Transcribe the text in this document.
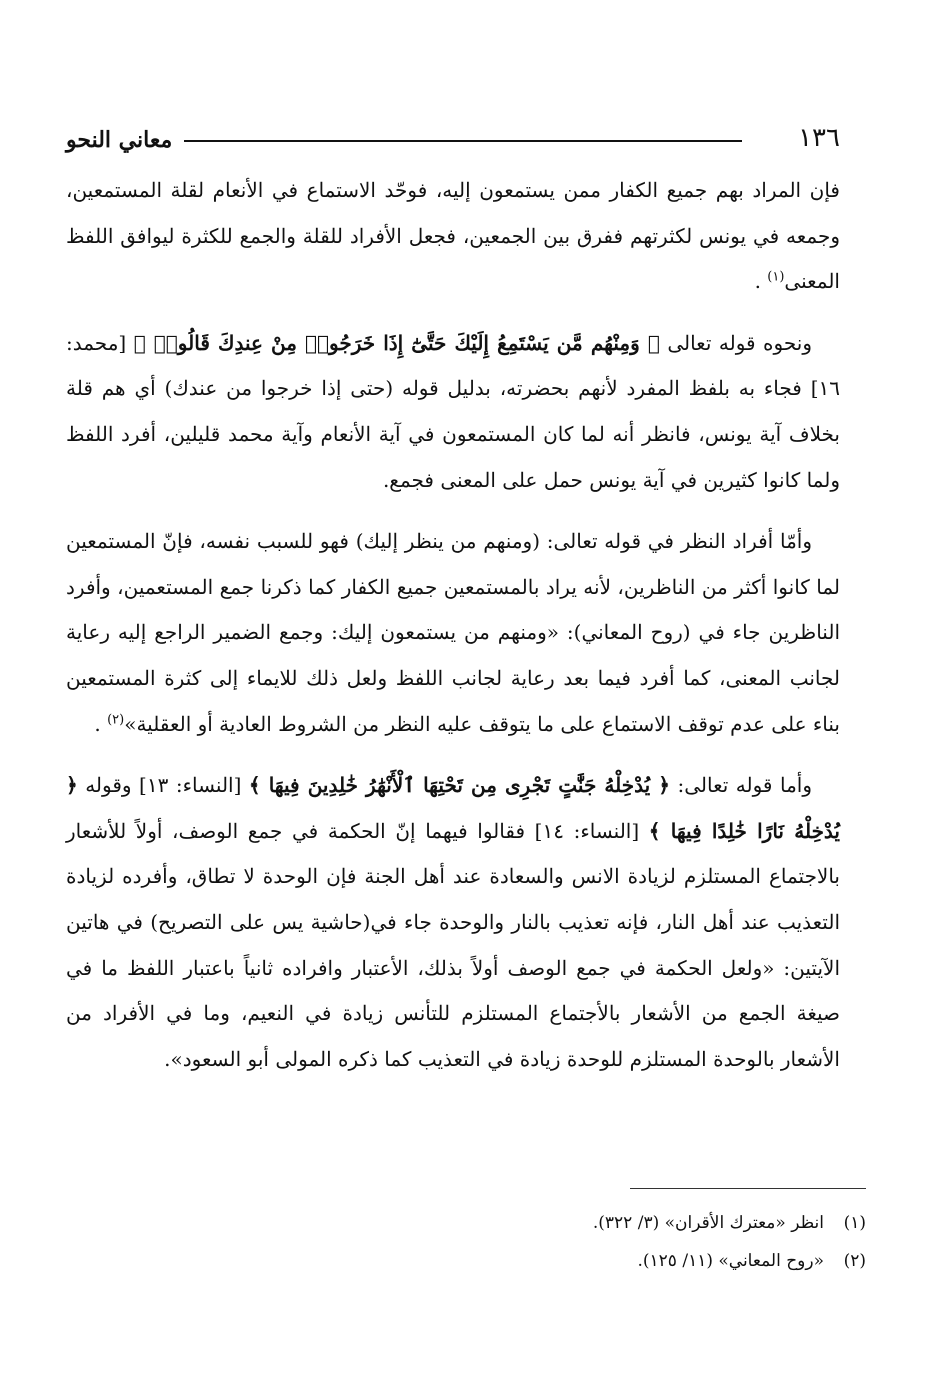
١٣٦
معاني النحو

فإن المراد بهم جميع الكفار ممن يستمعون إليه، فوحّد الاستماع في الأنعام لقلة المستمعين، وجمعه في يونس لكثرتهم ففرق بين الجمعين، فجعل الأفراد للقلة والجمع للكثرة ليوافق اللفظ المعنى$^{(١)}$ .

ونحوه قوله تعالى ﴿ وَمِنْهُم مَّن يَسْتَمِعُ إِلَيْكَ حَتَّىٰٓ إِذَا خَرَجُوا۟ مِنْ عِندِكَ قَالُوا۟ ﴾ [محمد: ١٦] فجاء به بلفظ المفرد لأنهم بحضرته، بدليل قوله (حتى إذا خرجوا من عندك) أي هم قلة بخلاف آية يونس، فانظر أنه لما كان المستمعون في آية الأنعام وآية محمد قليلين، أفرد اللفظ ولما كانوا كثيرين في آية يونس حمل على المعنى فجمع.

وأمّا أفراد النظر في قوله تعالى: (ومنهم من ينظر إليك) فهو للسبب نفسه، فإنّ المستمعين لما كانوا أكثر من الناظرين، لأنه يراد بالمستمعين جميع الكفار كما ذكرنا جمع المستعمين، وأفرد الناظرين جاء في (روح المعاني): «ومنهم من يستمعون إليك: وجمع الضمير الراجع إليه رعاية لجانب المعنى، كما أفرد فيما بعد رعاية لجانب اللفظ ولعل ذلك للايماء إلى كثرة المستمعين بناء على عدم توقف الاستماع على ما يتوقف عليه النظر من الشروط العادية أو العقلية»$^{(٢)}$ .

وأما قوله تعالى: ﴿ يُدْخِلْهُ جَنَّٰتٍ تَجْرِى مِن تَحْتِهَا ٱلْأَنْهَٰرُ خَٰلِدِينَ فِيهَا ﴾ [النساء: ١٣] وقوله ﴿ يُدْخِلْهُ نَارًا خَٰلِدًا فِيهَا ﴾ [النساء: ١٤] فقالوا فيهما إنّ الحكمة في جمع الوصف، أولاً للأشعار بالاجتماع المستلزم لزيادة الانس والسعادة عند أهل الجنة فإن الوحدة لا تطاق، وأفرده لزيادة التعذيب عند أهل النار، فإنه تعذيب بالنار والوحدة جاء في(حاشية يس على التصريح) في هاتين الآيتين: «ولعل الحكمة في جمع الوصف أولاً بذلك، الأعتبار وافراده ثانياً باعتبار اللفظ ما في صيغة الجمع من الأشعار بالأجتماع المستلزم للتأنس زيادة في النعيم، وما في الأفراد من الأشعار بالوحدة المستلزم للوحدة زيادة في التعذيب كما ذكره المولى أبو السعود».

(١)انظر «معترك الأقران» (٣/ ٣٢٢).
(٢)«روح المعاني» (١١/ ١٢٥).
